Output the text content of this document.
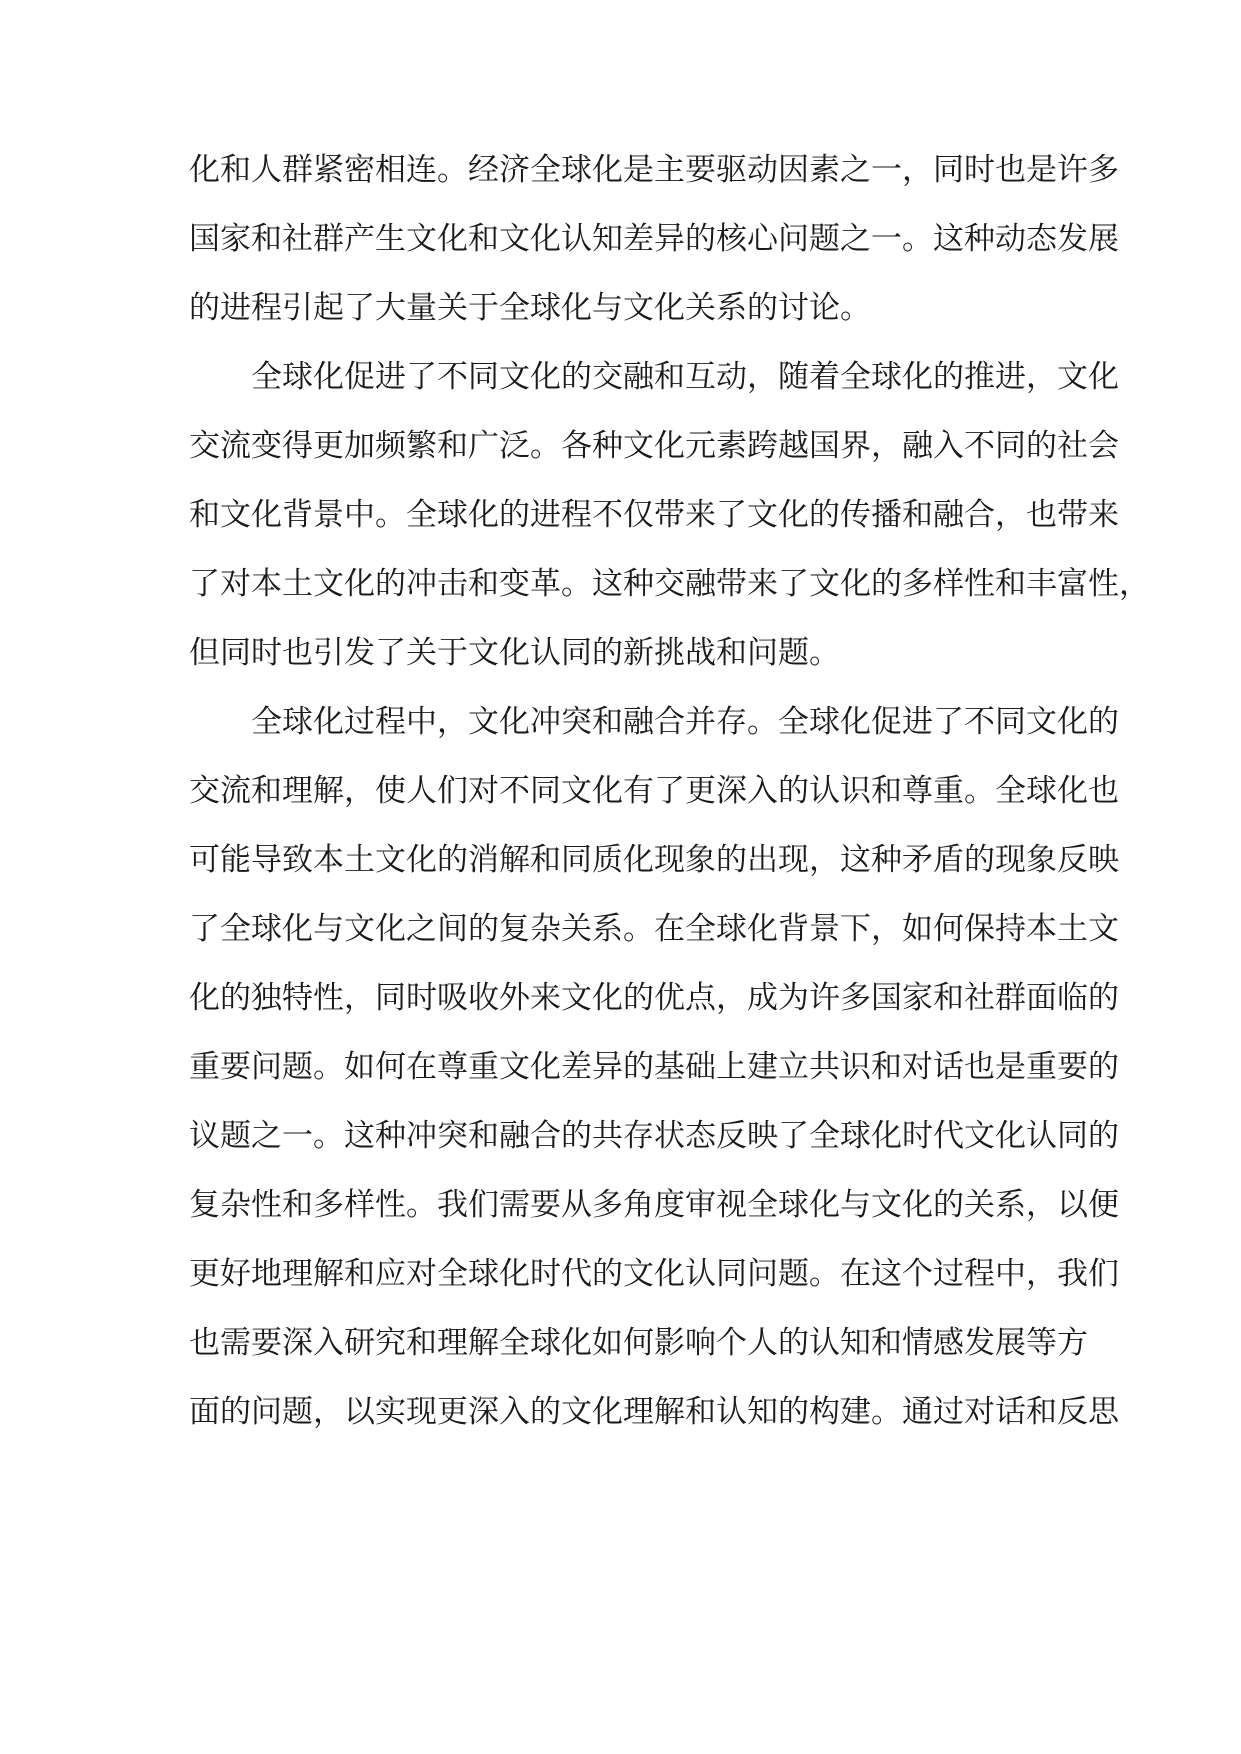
化和人群紧密相连。经济全球化是主要驱动因素之一，同时也是许多
国家和社群产生文化和文化认知差异的核心问题之一。这种动态发展
的进程引起了大量关于全球化与文化关系的讨论。
全球化促进了不同文化的交融和互动，随着全球化的推进，文化
交流变得更加频繁和广泛。各种文化元素跨越国界，融入不同的社会
和文化背景中。全球化的进程不仅带来了文化的传播和融合，也带来
了对本土文化的冲击和变革。这种交融带来了文化的多样性和丰富性，
但同时也引发了关于文化认同的新挑战和问题。
全球化过程中，文化冲突和融合并存。全球化促进了不同文化的
交流和理解，使人们对不同文化有了更深入的认识和尊重。全球化也
可能导致本土文化的消解和同质化现象的出现，这种矛盾的现象反映
了全球化与文化之间的复杂关系。在全球化背景下，如何保持本土文
化的独特性，同时吸收外来文化的优点，成为许多国家和社群面临的
重要问题。如何在尊重文化差异的基础上建立共识和对话也是重要的
议题之一。这种冲突和融合的共存状态反映了全球化时代文化认同的
复杂性和多样性。我们需要从多角度审视全球化与文化的关系，以便
更好地理解和应对全球化时代的文化认同问题。在这个过程中，我们
也需要深入研究和理解全球化如何影响个人的认知和情感发展等方
面的问题，以实现更深入的文化理解和认知的构建。通过对话和反思
